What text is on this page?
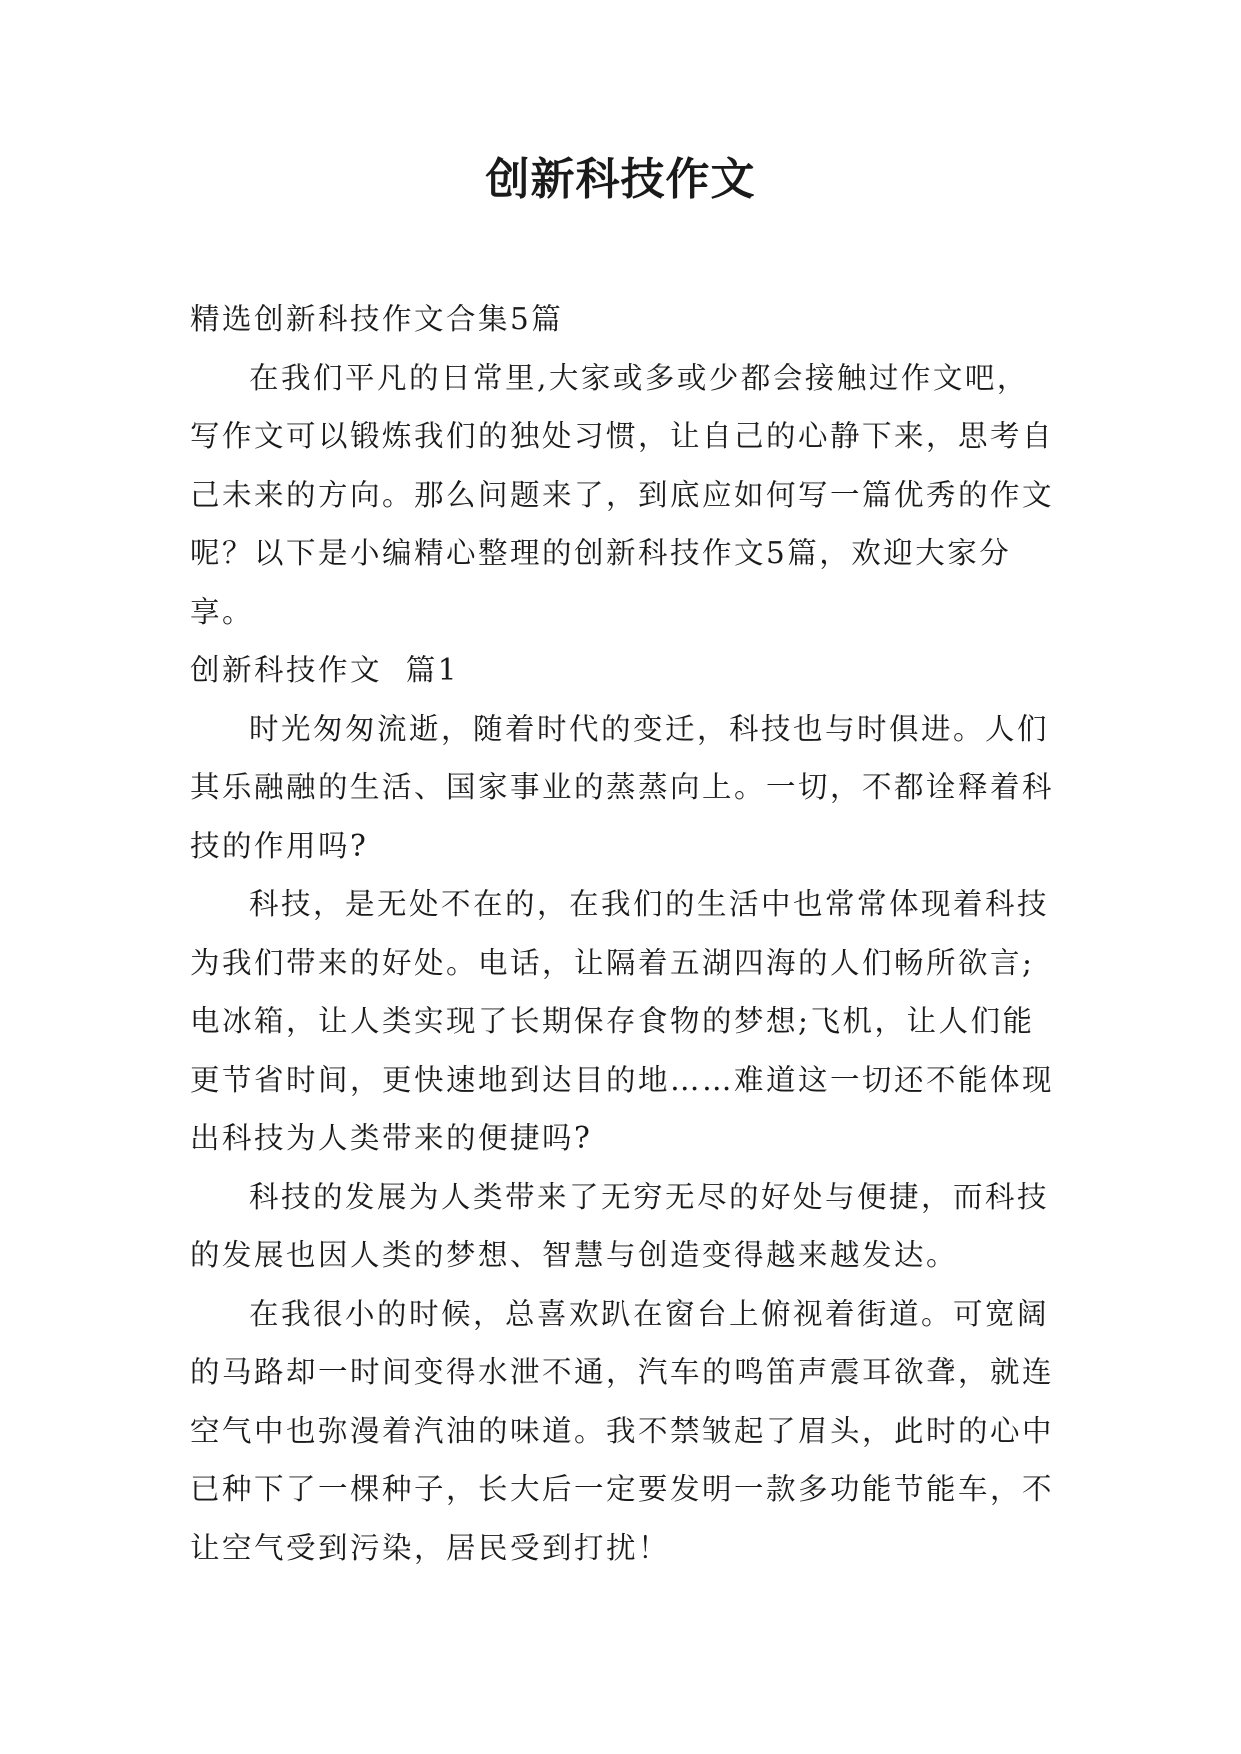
创新科技作文

精选创新科技作文合集5篇

在我们平凡的日常里,大家或多或少都会接触过作文吧，写作文可以锻炼我们的独处习惯，让自己的心静下来，思考自己未来的方向。那么问题来了，到底应如何写一篇优秀的作文呢？以下是小编精心整理的创新科技作文5篇，欢迎大家分享。

创新科技作文  篇1

时光匆匆流逝，随着时代的变迁，科技也与时俱进。人们其乐融融的生活、国家事业的蒸蒸向上。一切，不都诠释着科技的作用吗?

科技，是无处不在的，在我们的生活中也常常体现着科技为我们带来的好处。电话，让隔着五湖四海的人们畅所欲言;电冰箱，让人类实现了长期保存食物的梦想;飞机，让人们能更节省时间，更快速地到达目的地……难道这一切还不能体现出科技为人类带来的便捷吗?

科技的发展为人类带来了无穷无尽的好处与便捷，而科技的发展也因人类的梦想、智慧与创造变得越来越发达。

在我很小的时候，总喜欢趴在窗台上俯视着街道。可宽阔的马路却一时间变得水泄不通，汽车的鸣笛声震耳欲聋，就连空气中也弥漫着汽油的味道。我不禁皱起了眉头，此时的心中已种下了一棵种子，长大后一定要发明一款多功能节能车，不让空气受到污染，居民受到打扰！
